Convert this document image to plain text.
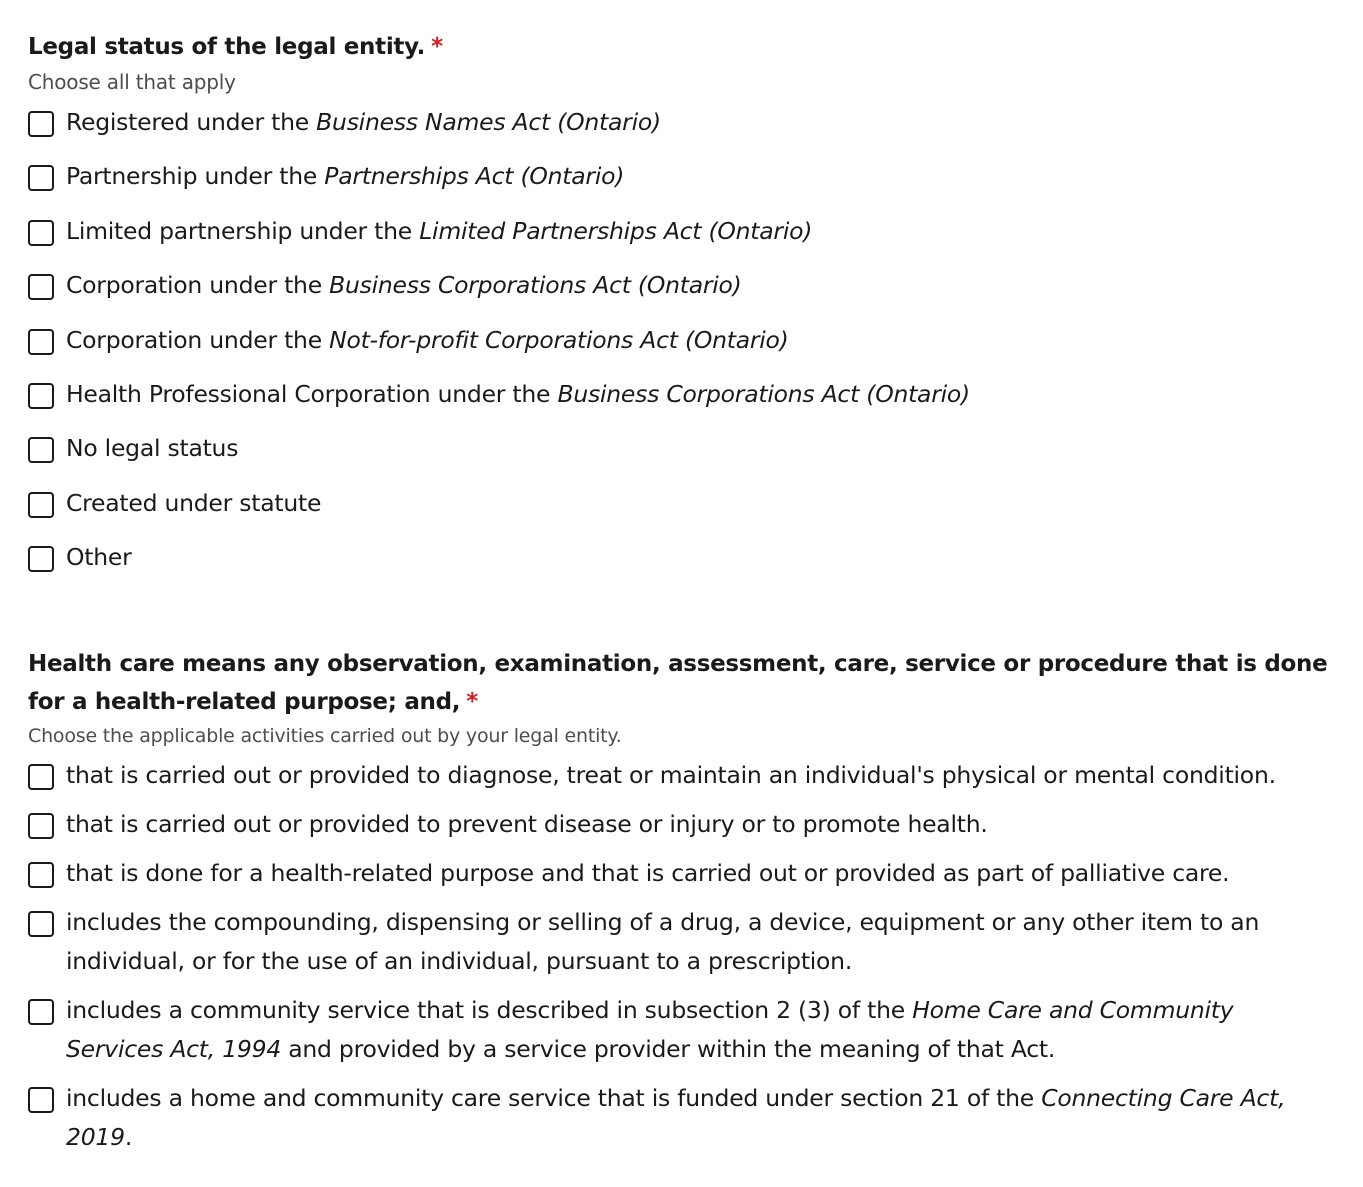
Legal status of the legal entity. *
Choose all that apply
Registered under the Business Names Act (Ontario)
Partnership under the Partnerships Act (Ontario)
Limited partnership under the Limited Partnerships Act (Ontario)
Corporation under the Business Corporations Act (Ontario)
Corporation under the Not-for-profit Corporations Act (Ontario)
Health Professional Corporation under the Business Corporations Act (Ontario)
No legal status
Created under statute
Other
Health care means any observation, examination, assessment, care, service or procedure that is done for a health-related purpose; and, *
Choose the applicable activities carried out by your legal entity.
that is carried out or provided to diagnose, treat or maintain an individual's physical or mental condition.
that is carried out or provided to prevent disease or injury or to promote health.
that is done for a health-related purpose and that is carried out or provided as part of palliative care.
includes the compounding, dispensing or selling of a drug, a device, equipment or any other item to an individual, or for the use of an individual, pursuant to a prescription.
includes a community service that is described in subsection 2 (3) of the Home Care and Community Services Act, 1994 and provided by a service provider within the meaning of that Act.
includes a home and community care service that is funded under section 21 of the Connecting Care Act, 2019.
